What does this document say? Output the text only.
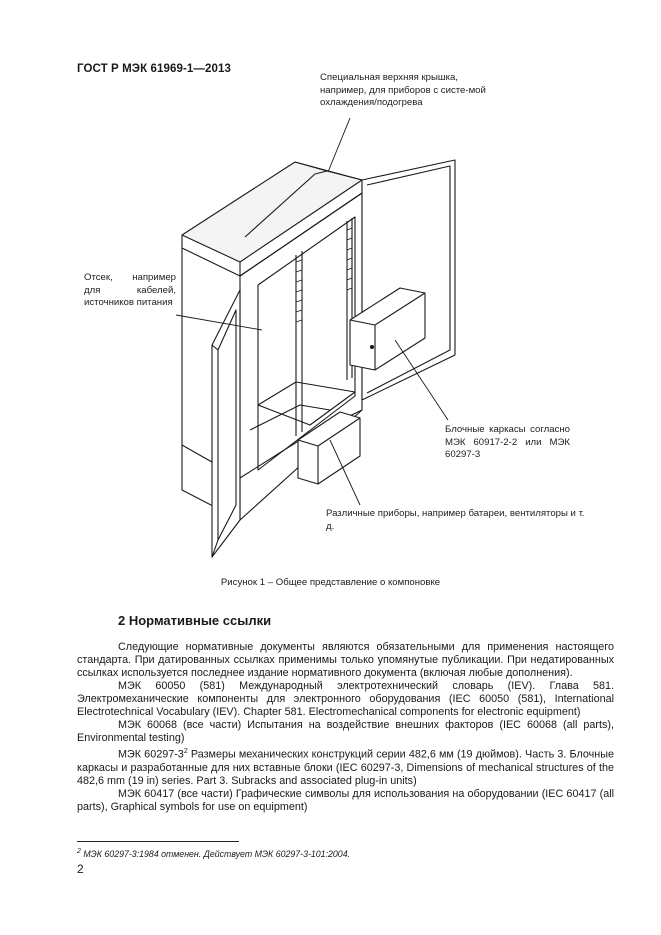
ГОСТ Р МЭК 61969-1—2013
Специальная верхняя крышка, например, для приборов с систе-мой охлаждения/подогрева
Отсек, например для кабелей, источников питания
Блочные каркасы согласно МЭК 60917-2-2 или МЭК 60297-3
Различные приборы, например батареи, вентиляторы и т. д.
Рисунок 1 – Общее представление о компоновке
2 Нормативные ссылки

Следующие нормативные документы являются обязательными для применения настоящего стандарта. При датированных ссылках применимы только упомянутые публикации. При недатированных ссылках используется последнее издание нормативного документа (включая любые дополнения).

МЭК 60050 (581) Международный электротехнический словарь (IEV). Глава 581. Электромеханические компоненты для электронного оборудования (IEC 60050 (581), International Electrotechnical Vocabulary (IEV). Chapter 581. Electromechanical components for electronic equipment)

МЭК 60068 (все части) Испытания на воздействие внешних факторов (IEC 60068 (all parts), Environmental testing)

МЭК $60297-3^2$ Размеры механических конструкций серии 482,6 мм (19 дюймов). Часть 3. Блочные каркасы и разработанные для них вставные блоки (IEC 60297-3, Dimensions of mechanical structures of the 482,6 mm (19 in) series. Part 3. Subracks and associated plug-in units)

МЭК 60417 (все части) Графические символы для использования на оборудовании (IEC 60417 (all parts), Graphical symbols for use on equipment)

$^2$ МЭК 60297-3:1984 отменен. Действует МЭК 60297-3-101:2004.
2
